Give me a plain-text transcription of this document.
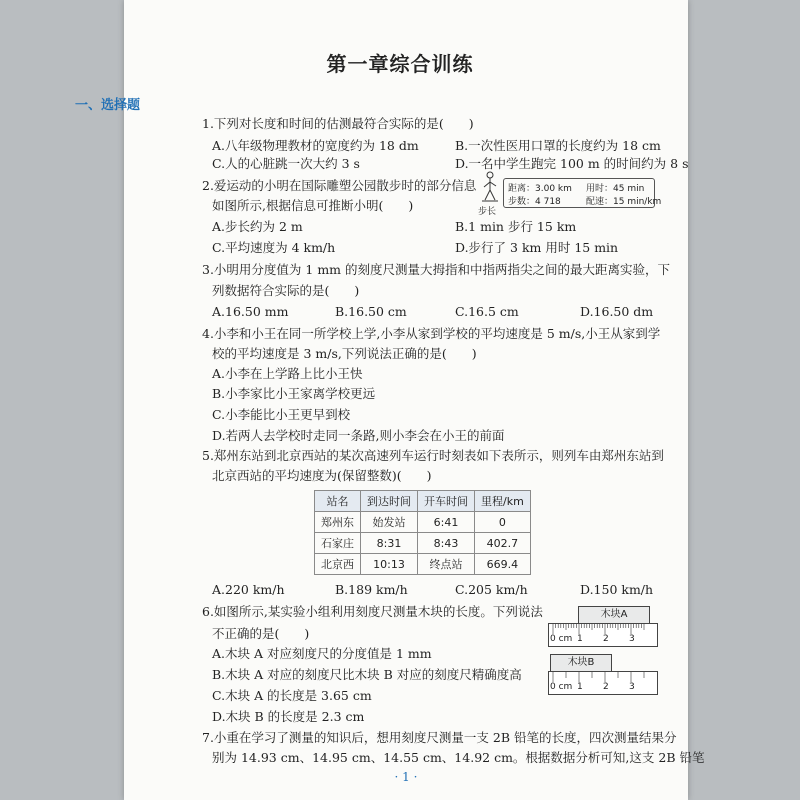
第一章综合训练
一、选择题
1.下列对长度和时间的估测最符合实际的是(　　)
A.八年级物理教材的宽度约为 18 dm	B.一次性医用口罩的长度约为 18 cm
C.人的心脏跳一次大约 3 s	D.一名中学生跑完 100 m 的时间约为 8 s
2.爱运动的小明在国际雕塑公园散步时的部分信息
如图所示,根据信息可推断小明(　　)	步长
距离：3.00 km 用时：45 min
步数：4 718	配速：15 min/km
A.步长约为 2 m	B.1 min 步行 15 km
C.平均速度为 4 km/h	D.步行了 3 km 用时 15 min
3.小明用分度值为 1 mm 的刻度尺测量大拇指和中指两指尖之间的最大距离实验，下
列数据符合实际的是(　　)
A.16.50 mm	B.16.50 cm	C.16.5 cm	D.16.50 dm
4.小李和小王在同一所学校上学,小李从家到学校的平均速度是 5 m/s,小王从家到学
校的平均速度是 3 m/s,下列说法正确的是(　　)
A.小李在上学路上比小王快
B.小李家比小王家离学校更远
C.小李能比小王更早到校
D.若两人去学校时走同一条路,则小李会在小王的前面
5.郑州东站到北京西站的某次高速列车运行时刻表如下表所示，则列车由郑州东站到
北京西站的平均速度为(保留整数)(　　)
站名	到达时间	开车时间	里程/km
郑州东	始发站	6:41	0
石家庄	8:31	8:43	402.7
北京西	10:13	终点站	669.4
A.220 km/h	B.189 km/h	C.205 km/h	D.150 km/h
6.如图所示,某实验小组利用刻度尺测量木块的长度。下列说法
不正确的是(　　)
A.木块 A 对应刻度尺的分度值是 1 mm
B.木块 A 对应的刻度尺比木块 B 对应的刻度尺精确度高
C.木块 A 的长度是 3.65 cm
D.木块 B 的长度是 2.3 cm
木块A
0 cm 1 2 3
木块B
0 cm 1 2 3
7.小重在学习了测量的知识后，想用刻度尺测量一支 2B 铅笔的长度，四次测量结果分
别为 14.93 cm、14.95 cm、14.55 cm、14.92 cm。根据数据分析可知,这支 2B 铅笔
· 1 ·
